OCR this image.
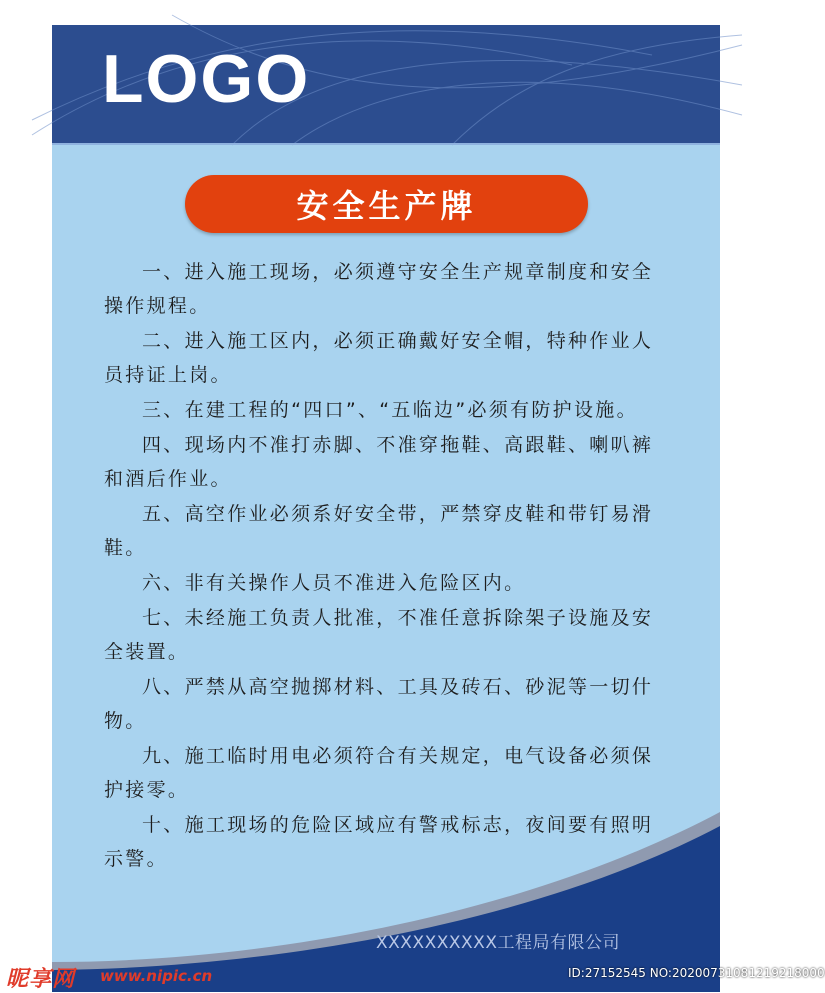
LOGO
安全生产牌
一、进入施工现场，必须遵守安全生产规章制度和安全操作规程。
二、进入施工区内，必须正确戴好安全帽，特种作业人员持证上岗。
三、在建工程的“四口”、“五临边”必须有防护设施。
四、现场内不准打赤脚、不准穿拖鞋、高跟鞋、喇叭裤和酒后作业。
五、高空作业必须系好安全带，严禁穿皮鞋和带钉易滑鞋。
六、非有关操作人员不准进入危险区内。
七、未经施工负责人批准，不准任意拆除架子设施及安全装置。
八、严禁从高空抛掷材料、工具及砖石、砂泥等一切什物。
九、施工临时用电必须符合有关规定，电气设备必须保护接零。
十、施工现场的危险区域应有警戒标志，夜间要有照明示警。
XXXXXXXXXX工程局有限公司
昵享网 www.nipic.cn	ID:27152545 NO:20200731081219218000
